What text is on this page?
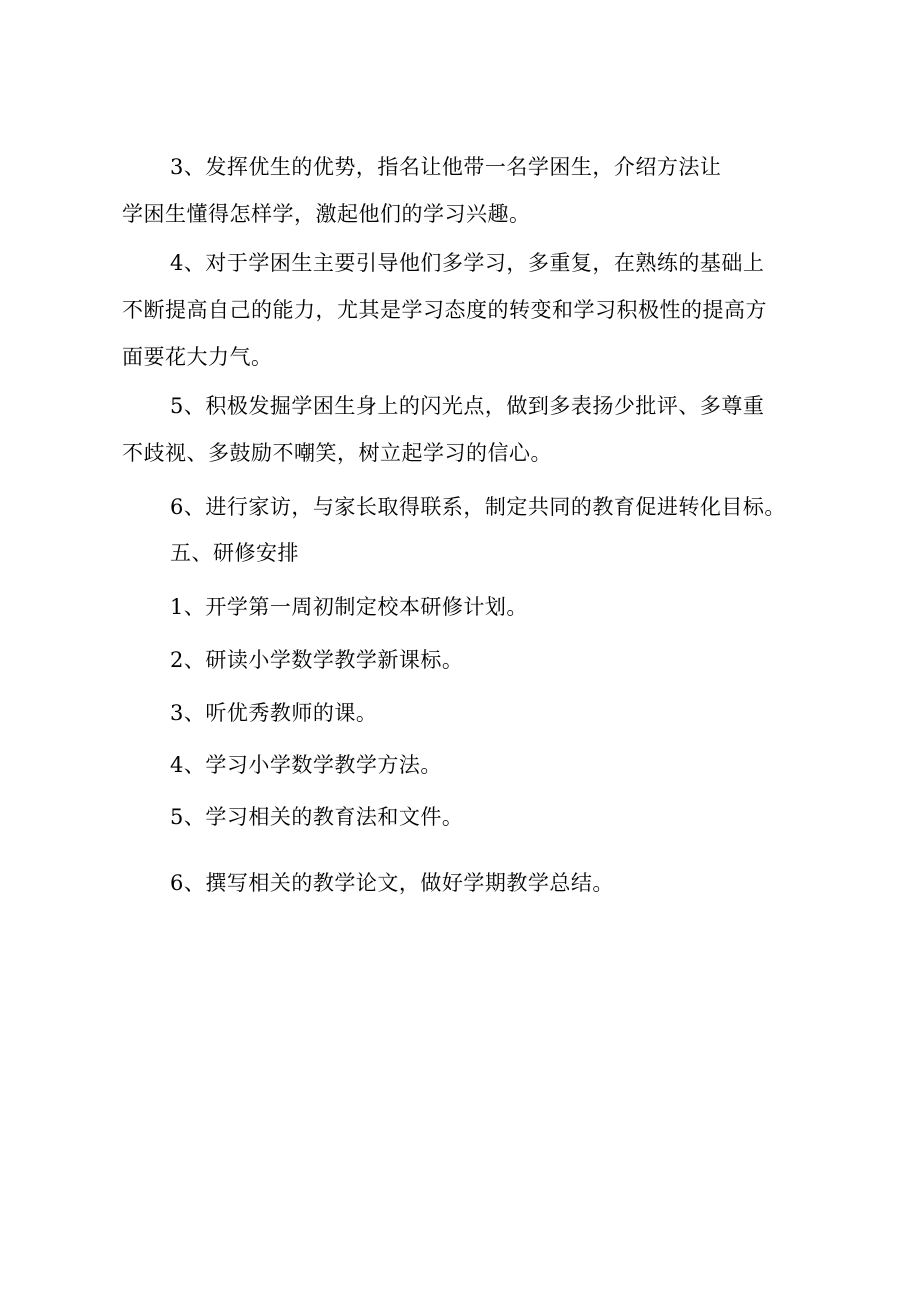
3、发挥优生的优势，指名让他带一名学困生，介绍方法让
学困生懂得怎样学，激起他们的学习兴趣。

4、对于学困生主要引导他们多学习，多重复，在熟练的基础上
不断提高自己的能力，尤其是学习态度的转变和学习积极性的提高方
面要花大力气。

5、积极发掘学困生身上的闪光点，做到多表扬少批评、多尊重
不歧视、多鼓励不嘲笑，树立起学习的信心。

6、进行家访，与家长取得联系，制定共同的教育促进转化目标。

五、研修安排

1、开学第一周初制定校本研修计划。

2、研读小学数学教学新课标。

3、听优秀教师的课。

4、学习小学数学教学方法。

5、学习相关的教育法和文件。

6、撰写相关的教学论文，做好学期教学总结。
